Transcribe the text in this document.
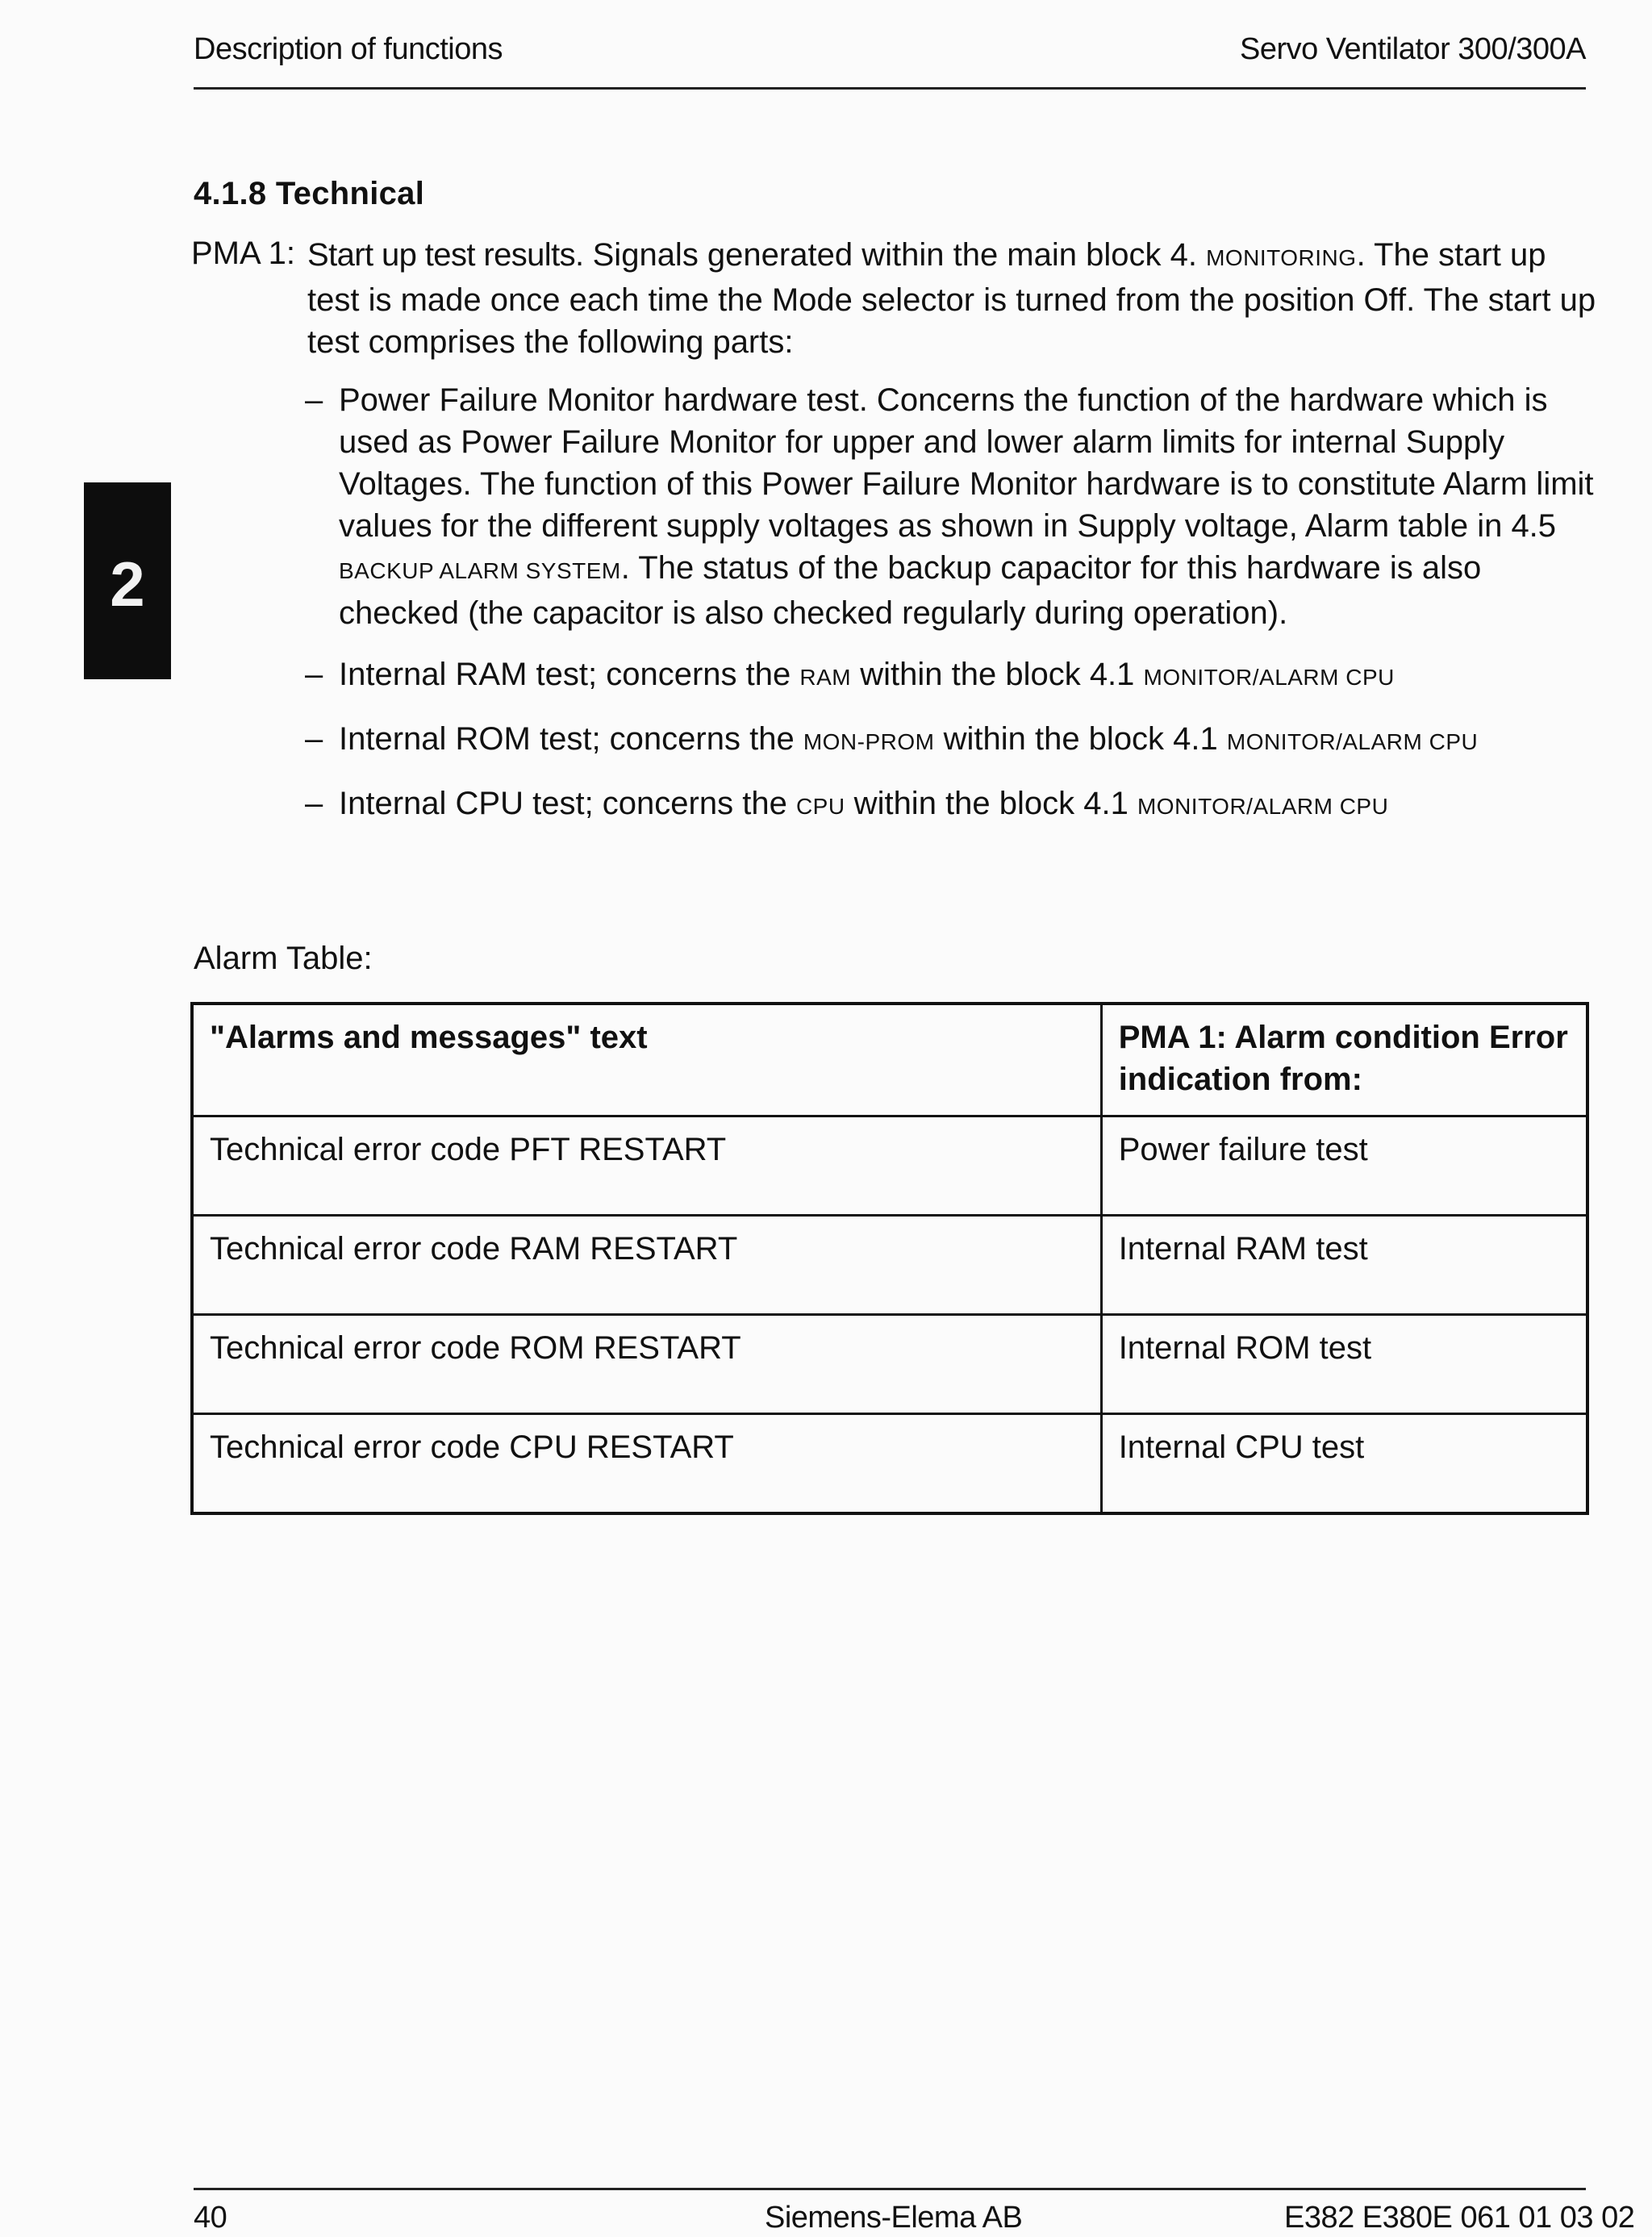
Description of functions	Servo Ventilator 300/300A
2
4.1.8 Technical
PMA 1: Start up test results. Signals generated within the main block 4. MONITORING. The start up test is made once each time the Mode selector is turned from the position Off. The start up test comprises the following parts:
– Power Failure Monitor hardware test. Concerns the function of the hardware which is used as Power Failure Monitor for upper and lower alarm limits for internal Supply Voltages. The function of this Power Failure Monitor hardware is to constitute Alarm limit values for the different supply voltages as shown in Supply voltage, Alarm table in 4.5 BACKUP ALARM SYSTEM. The status of the backup capacitor for this hardware is also checked (the capacitor is also checked regularly during operation).
– Internal RAM test; concerns the RAM within the block 4.1 MONITOR/ALARM CPU
– Internal ROM test; concerns the MON-PROM within the block 4.1 MONITOR/ALARM CPU
– Internal CPU test; concerns the CPU within the block 4.1 MONITOR/ALARM CPU
Alarm Table:
"Alarms and messages" text	PMA 1: Alarm condition Error indication from:
Technical error code PFT RESTART	Power failure test
Technical error code RAM RESTART	Internal RAM test
Technical error code ROM RESTART	Internal ROM test
Technical error code CPU RESTART	Internal CPU test
40	Siemens-Elema AB	E382 E380E 061 01 03 02
